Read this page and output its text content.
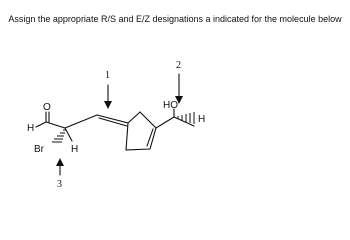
Assign the appropriate R/S and E/Z designations a indicated for the molecule below
H
O
Br	H
HO
H
1
2
3
